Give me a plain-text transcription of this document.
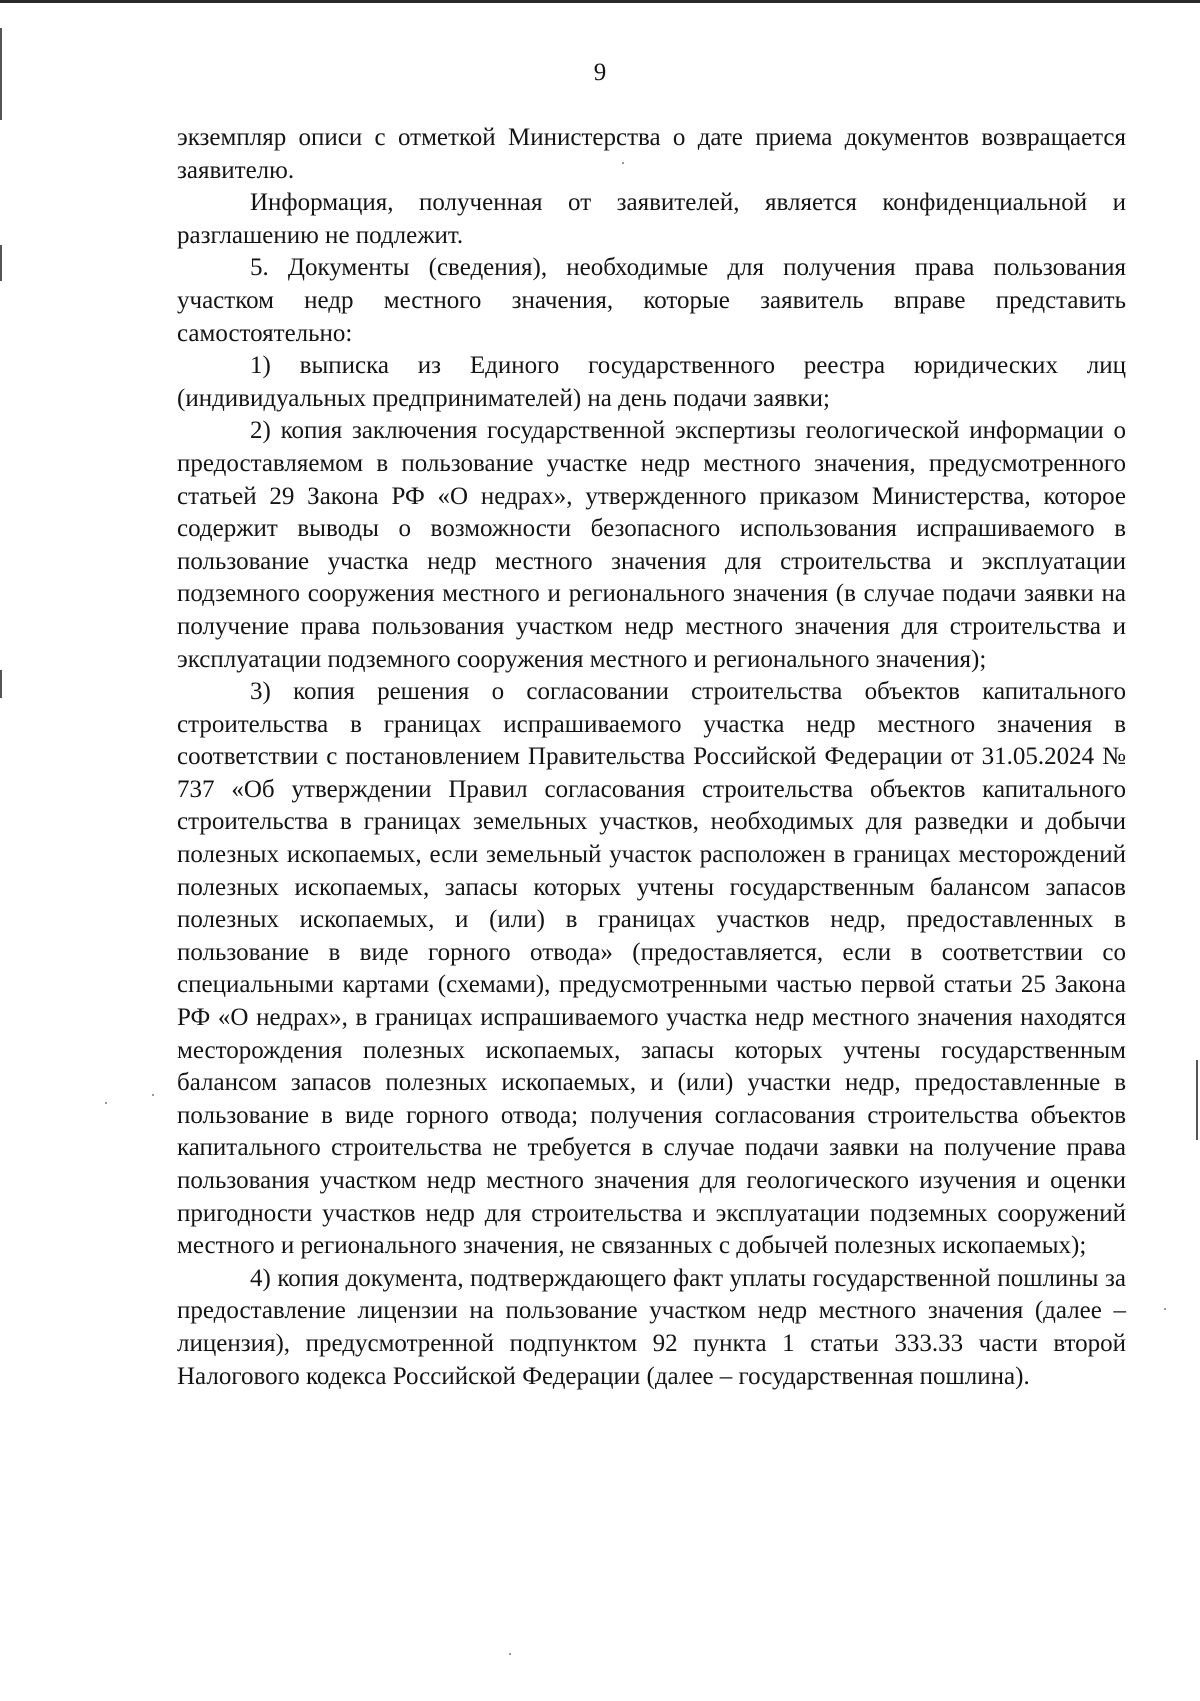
9

экземпляр описи с отметкой Министерства о дате приема документов возвращается заявителю.

Информация, полученная от заявителей, является конфиденциальной и разглашению не подлежит.

5. Документы (сведения), необходимые для получения права пользования участком недр местного значения, которые заявитель вправе представить самостоятельно:

1) выписка из Единого государственного реестра юридических лиц (индивидуальных предпринимателей) на день подачи заявки;

2) копия заключения государственной экспертизы геологической информации о предоставляемом в пользование участке недр местного значения, предусмотренного статьей 29 Закона РФ «О недрах», утвержденного приказом Министерства, которое содержит выводы о возможности безопасного использования испрашиваемого в пользование участка недр местного значения для строительства и эксплуатации подземного сооружения местного и регионального значения (в случае подачи заявки на получение права пользования участком недр местного значения для строительства и эксплуатации подземного сооружения местного и регионального значения);

3) копия решения о согласовании строительства объектов капитального строительства в границах испрашиваемого участка недр местного значения в соответствии с постановлением Правительства Российской Федерации от 31.05.2024 № 737 «Об утверждении Правил согласования строительства объектов капитального строительства в границах земельных участков, необходимых для разведки и добычи полезных ископаемых, если земельный участок расположен в границах месторождений полезных ископаемых, запасы которых учтены государственным балансом запасов полезных ископаемых, и (или) в границах участков недр, предоставленных в пользование в виде горного отвода» (предоставляется, если в соответствии со специальными картами (схемами), предусмотренными частью первой статьи 25 Закона РФ «О недрах», в границах испрашиваемого участка недр местного значения находятся месторождения полезных ископаемых, запасы которых учтены государственным балансом запасов полезных ископаемых, и (или) участки недр, предоставленные в пользование в виде горного отвода; получения согласования строительства объектов капитального строительства не требуется в случае подачи заявки на получение права пользования участком недр местного значения для геологического изучения и оценки пригодности участков недр для строительства и эксплуатации подземных сооружений местного и регионального значения, не связанных с добычей полезных ископаемых);

4) копия документа, подтверждающего факт уплаты государственной пошлины за предоставление лицензии на пользование участком недр местного значения (далее – лицензия), предусмотренной подпунктом 92 пункта 1 статьи 333.33 части второй Налогового кодекса Российской Федерации (далее – государственная пошлина).
